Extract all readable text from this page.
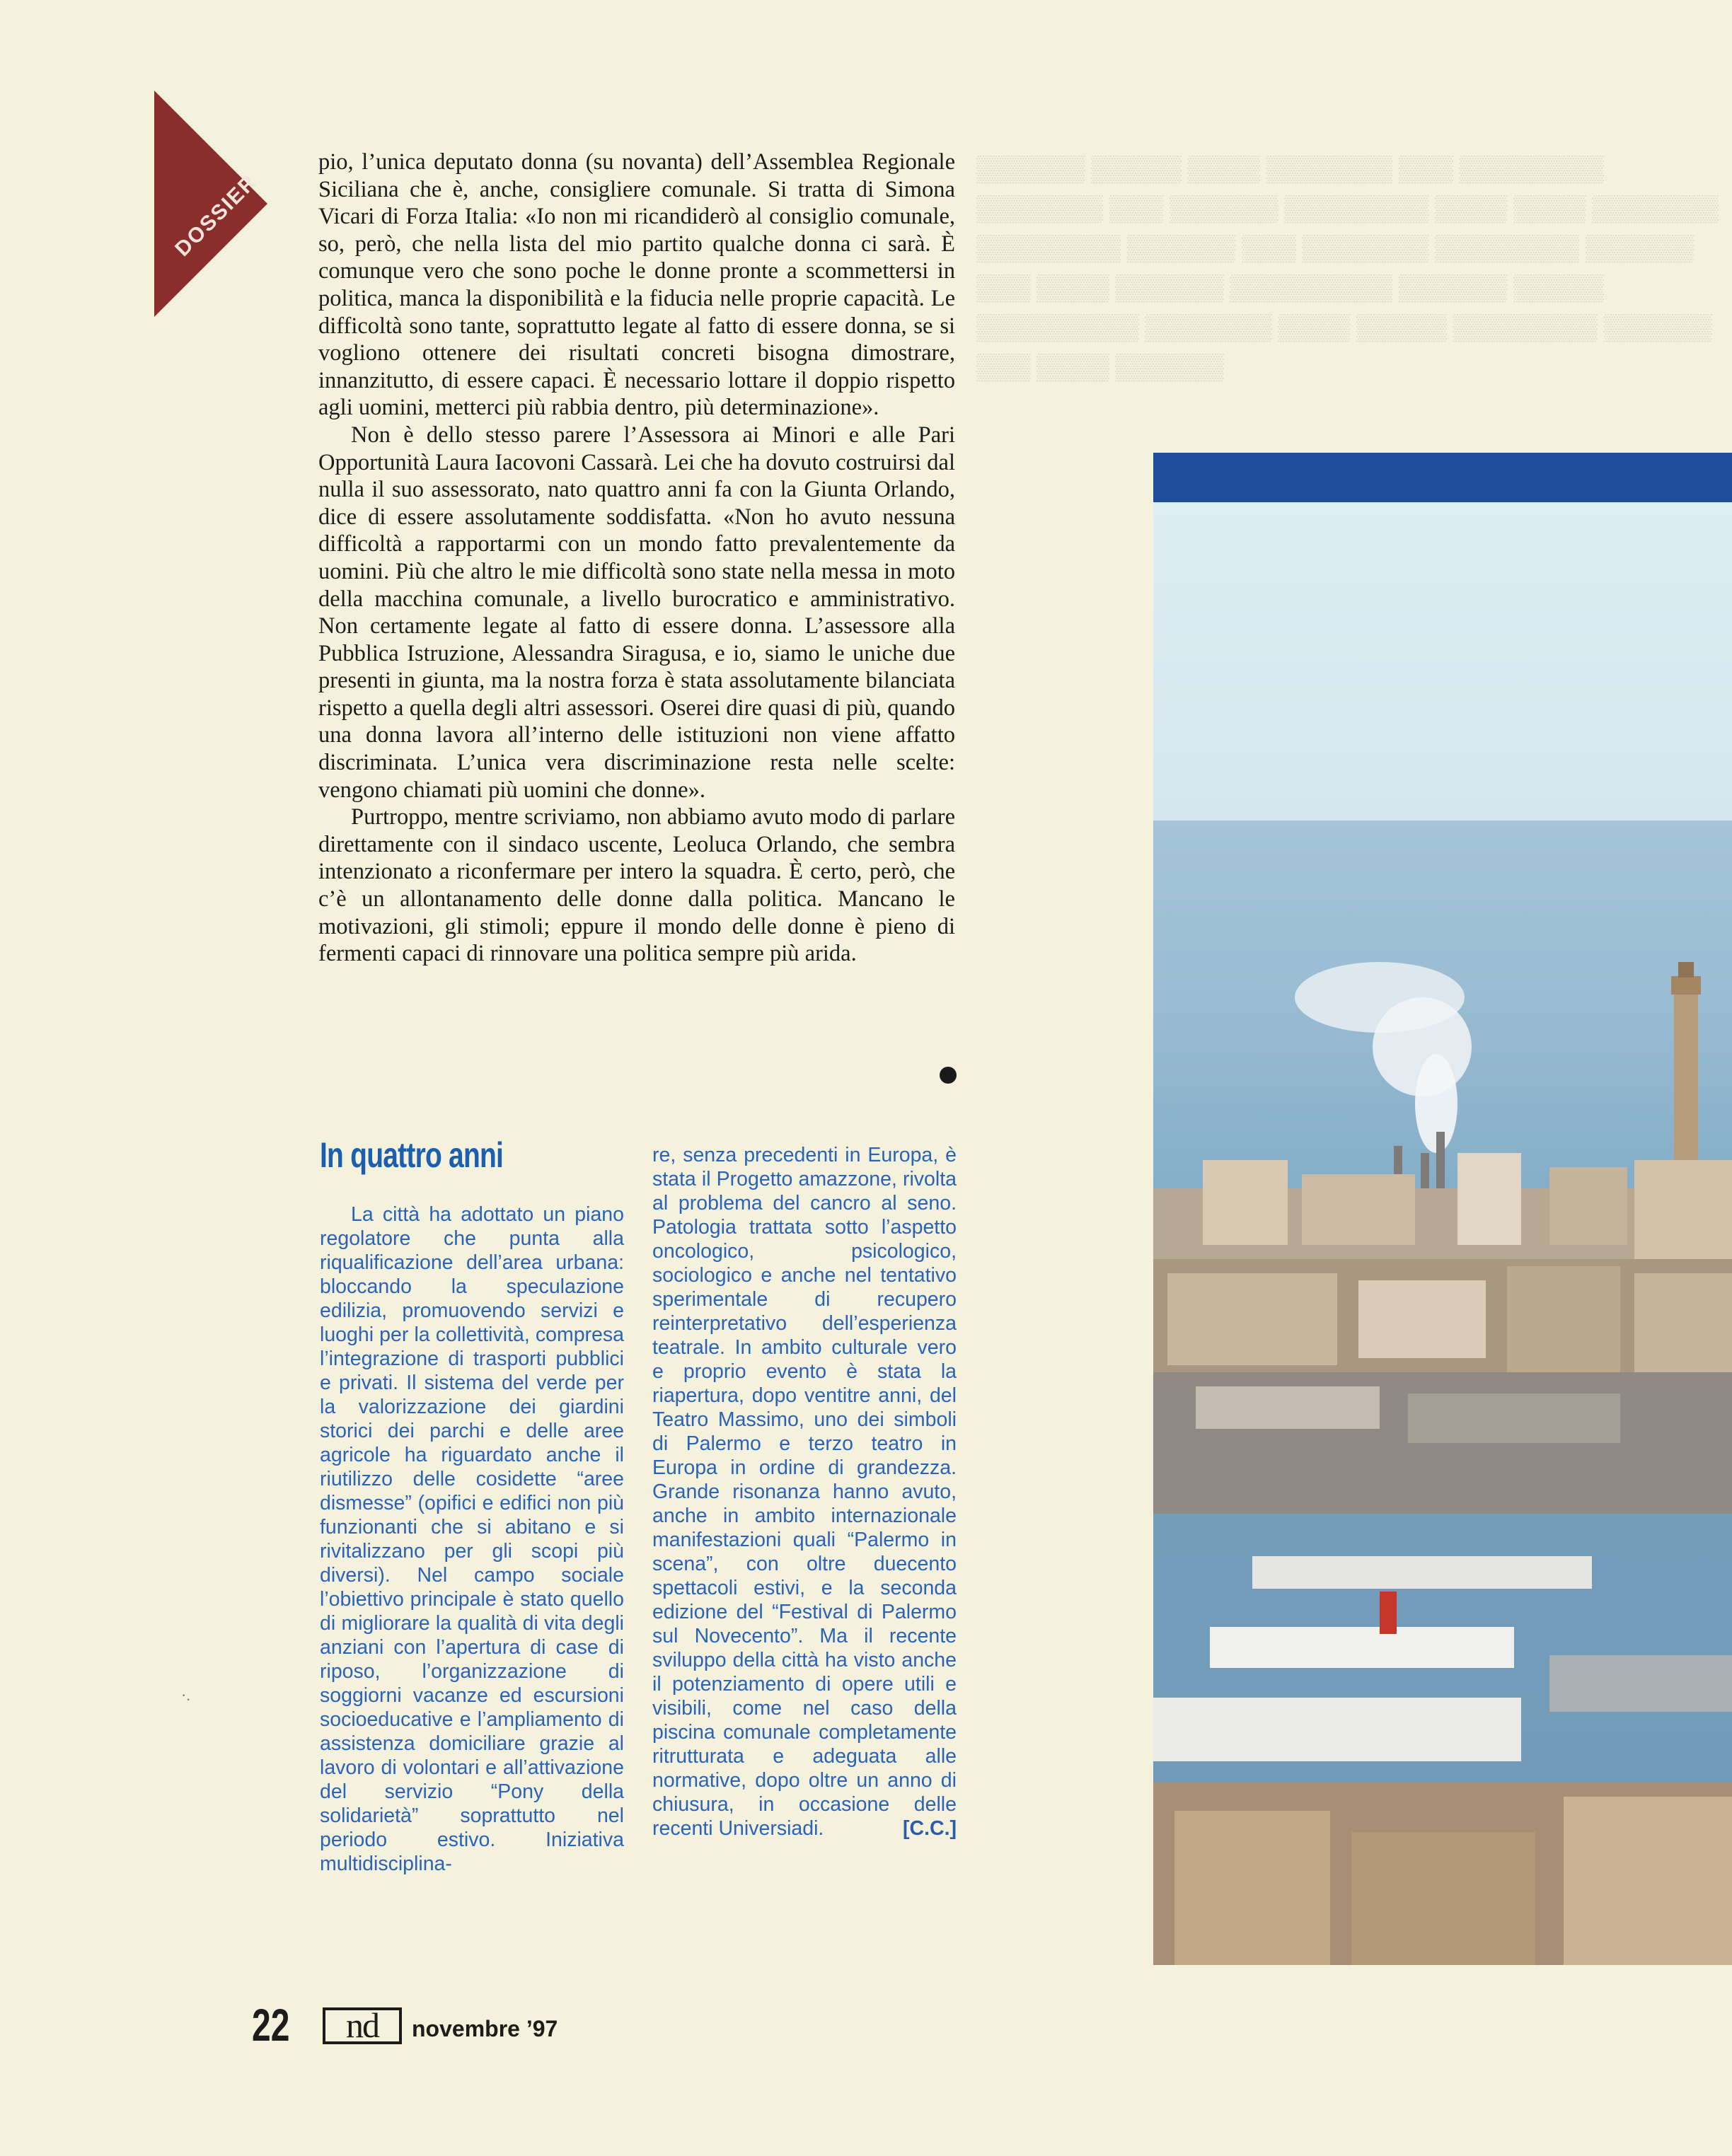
DOSSIER
▒▒▒▒▒▒ ▒▒▒▒▒ ▒▒▒▒ ▒▒▒▒▒▒▒ ▒▒▒ ▒▒▒▒▒▒▒▒ ▒▒▒▒▒▒▒ ▒▒▒ ▒▒▒▒▒▒ ▒▒▒▒▒▒▒▒ ▒▒▒▒ ▒▒▒▒ ▒▒▒▒▒▒▒ ▒▒▒▒▒▒▒▒ ▒▒▒▒▒▒ ▒▒▒ ▒▒▒▒▒▒▒ ▒▒▒▒▒▒▒▒ ▒▒▒▒▒▒ ▒▒▒ ▒▒▒▒ ▒▒▒▒▒▒ ▒▒▒▒▒▒▒▒▒ ▒▒▒▒▒▒ ▒▒▒▒▒ ▒▒▒▒▒▒▒▒▒ ▒▒▒▒▒▒▒ ▒▒▒▒ ▒▒▒▒▒ ▒▒▒▒▒▒▒▒ ▒▒▒▒▒▒ ▒▒▒ ▒▒▒▒ ▒▒▒▒▒▒

pio, l’unica deputato donna (su novanta) dell’Assemblea Regionale Siciliana che è, anche, consigliere comunale. Si tratta di Simona Vicari di Forza Italia: «Io non mi ricandiderò al consiglio comunale, so, però, che nella lista del mio partito qualche donna ci sarà. È comunque vero che sono poche le donne pronte a scommettersi in politica, manca la disponibilità e la fiducia nelle proprie capacità. Le difficoltà sono tante, soprattutto legate al fatto di essere donna, se si vogliono ottenere dei risultati concreti bisogna dimostrare, innanzitutto, di essere capaci. È necessario lottare il doppio rispetto agli uomini, metterci più rabbia dentro, più determinazione».

Non è dello stesso parere l’Assessora ai Minori e alle Pari Opportunità Laura Iacovoni Cassarà. Lei che ha dovuto costruirsi dal nulla il suo assessorato, nato quattro anni fa con la Giunta Orlando, dice di essere assolutamente soddisfatta. «Non ho avuto nessuna difficoltà a rapportarmi con un mondo fatto prevalentemente da uomini. Più che altro le mie difficoltà sono state nella messa in moto della macchina comunale, a livello burocratico e amministrativo. Non certamente legate al fatto di essere donna. L’assessore alla Pubblica Istruzione, Alessandra Siragusa, e io, siamo le uniche due presenti in giunta, ma la nostra forza è stata assolutamente bilanciata rispetto a quella degli altri assessori. Oserei dire quasi di più, quando una donna lavora all’interno delle istituzioni non viene affatto discriminata. L’unica vera discriminazione resta nelle scelte: vengono chiamati più uomini che donne».

Purtroppo, mentre scriviamo, non abbiamo avuto modo di parlare direttamente con il sindaco uscente, Leoluca Orlando, che sembra intenzionato a riconfermare per intero la squadra. È certo, però, che c’è un allontanamento delle donne dalla politica. Mancano le motivazioni, gli stimoli; eppure il mondo delle donne è pieno di fermenti capaci di rinnovare una politica sempre più arida.

In quattro anni

La città ha adottato un piano regolatore che punta alla riqualificazione dell’area urbana: bloccando la speculazione edilizia, promuovendo servizi e luoghi per la collettività, compresa l’integrazione di trasporti pubblici e privati. Il sistema del verde per la valorizzazione dei giardini storici dei parchi e delle aree agricole ha riguardato anche il riutilizzo delle cosidette “aree dismesse” (opifici e edifici non più funzionanti che si abitano e si rivitalizzano per gli scopi più diversi). Nel campo sociale l’obiettivo principale è stato quello di migliorare la qualità di vita degli anziani con l’apertura di case di riposo, l’organizzazione di soggiorni vacanze ed escursioni socioeducative e l’ampliamento di assistenza domiciliare grazie al lavoro di volontari e all’attivazione del servizio “Pony della solidarietà” soprattutto nel periodo estivo. Iniziativa multidisciplina-

re, senza precedenti in Europa, è stata il Progetto amazzone, rivolta al problema del cancro al seno. Patologia trattata sotto l’aspetto oncologico, psicologico, sociologico e anche nel tentativo sperimentale di recupero reinterpretativo dell’esperienza teatrale. In ambito culturale vero e proprio evento è stata la riapertura, dopo ventitre anni, del Teatro Massimo, uno dei simboli di Palermo e terzo teatro in Europa in ordine di grandezza. Grande risonanza hanno avuto, anche in ambito internazionale manifestazioni quali “Palermo in scena”, con oltre duecento spettacoli estivi, e la seconda edizione del “Festival di Palermo sul Novecento”. Ma il recente sviluppo della città ha visto anche il potenziamento di opere utili e visibili, come nel caso della piscina comunale completamente ritrutturata e adeguata alle normative, dopo oltre un anno di chiusura, in occasione delle recenti Universiadi.	[C.C.]

·.
22	nd	novembre ’97
